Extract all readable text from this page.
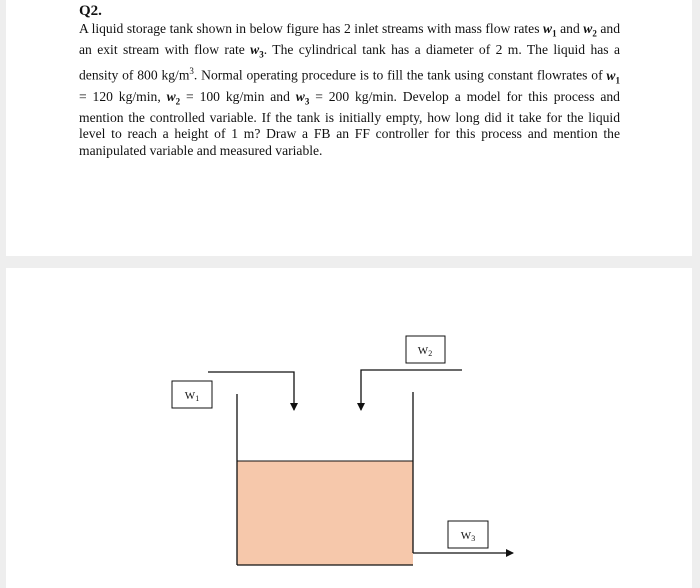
Q2.

A liquid storage tank shown in below figure has 2 inlet streams with mass flow rates $w_1$ and $w_2$ and an exit stream with flow rate $w_3$. The cylindrical tank has a diameter of 2 m. The liquid has a density of 800 $kg/m^3$. Normal operating procedure is to fill the tank using constant flowrates of $w_1 = 120$ kg/min, $w_2 = 100$ kg/min and $w_3 = 200$ kg/min. Develop a model for this process and mention the controlled variable. If the tank is initially empty, how long did it take for the liquid level to reach a height of 1 m? Draw a FB an FF controller for this process and mention the manipulated variable and measured variable.

W1
W2
W3
